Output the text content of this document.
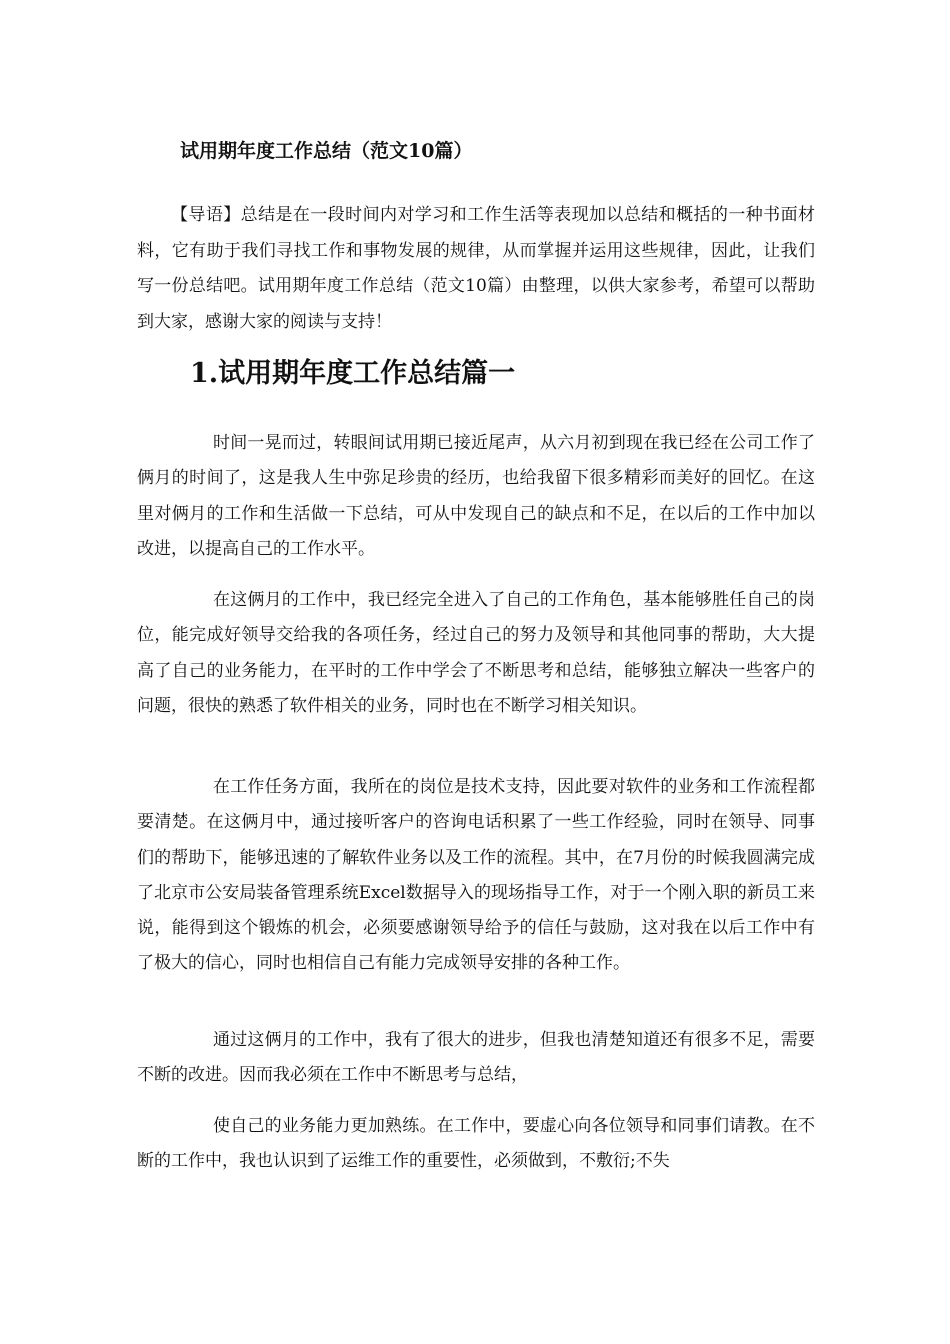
试用期年度工作总结（范文10篇）

【导语】总结是在一段时间内对学习和工作生活等表现加以总结和概括的一种书面材料，它有助于我们寻找工作和事物发展的规律，从而掌握并运用这些规律，因此，让我们写一份总结吧。试用期年度工作总结（范文10篇）由整理，以供大家参考，希望可以帮助到大家，感谢大家的阅读与支持！

1.试用期年度工作总结篇一

时间一晃而过，转眼间试用期已接近尾声，从六月初到现在我已经在公司工作了俩月的时间了，这是我人生中弥足珍贵的经历，也给我留下很多精彩而美好的回忆。在这里对俩月的工作和生活做一下总结，可从中发现自己的缺点和不足，在以后的工作中加以改进，以提高自己的工作水平。

在这俩月的工作中，我已经完全进入了自己的工作角色，基本能够胜任自己的岗位，能完成好领导交给我的各项任务，经过自己的努力及领导和其他同事的帮助，大大提高了自己的业务能力，在平时的工作中学会了不断思考和总结，能够独立解决一些客户的问题，很快的熟悉了软件相关的业务，同时也在不断学习相关知识。

在工作任务方面，我所在的岗位是技术支持，因此要对软件的业务和工作流程都要清楚。在这俩月中，通过接听客户的咨询电话积累了一些工作经验，同时在领导、同事们的帮助下，能够迅速的了解软件业务以及工作的流程。其中，在7月份的时候我圆满完成了北京市公安局装备管理系统Excel数据导入的现场指导工作，对于一个刚入职的新员工来说，能得到这个锻炼的机会，必须要感谢领导给予的信任与鼓励，这对我在以后工作中有了极大的信心，同时也相信自己有能力完成领导安排的各种工作。

通过这俩月的工作中，我有了很大的进步，但我也清楚知道还有很多不足，需要不断的改进。因而我必须在工作中不断思考与总结，

使自己的业务能力更加熟练。在工作中，要虚心向各位领导和同事们请教。在不断的工作中，我也认识到了运维工作的重要性，必须做到，不敷衍;不失
